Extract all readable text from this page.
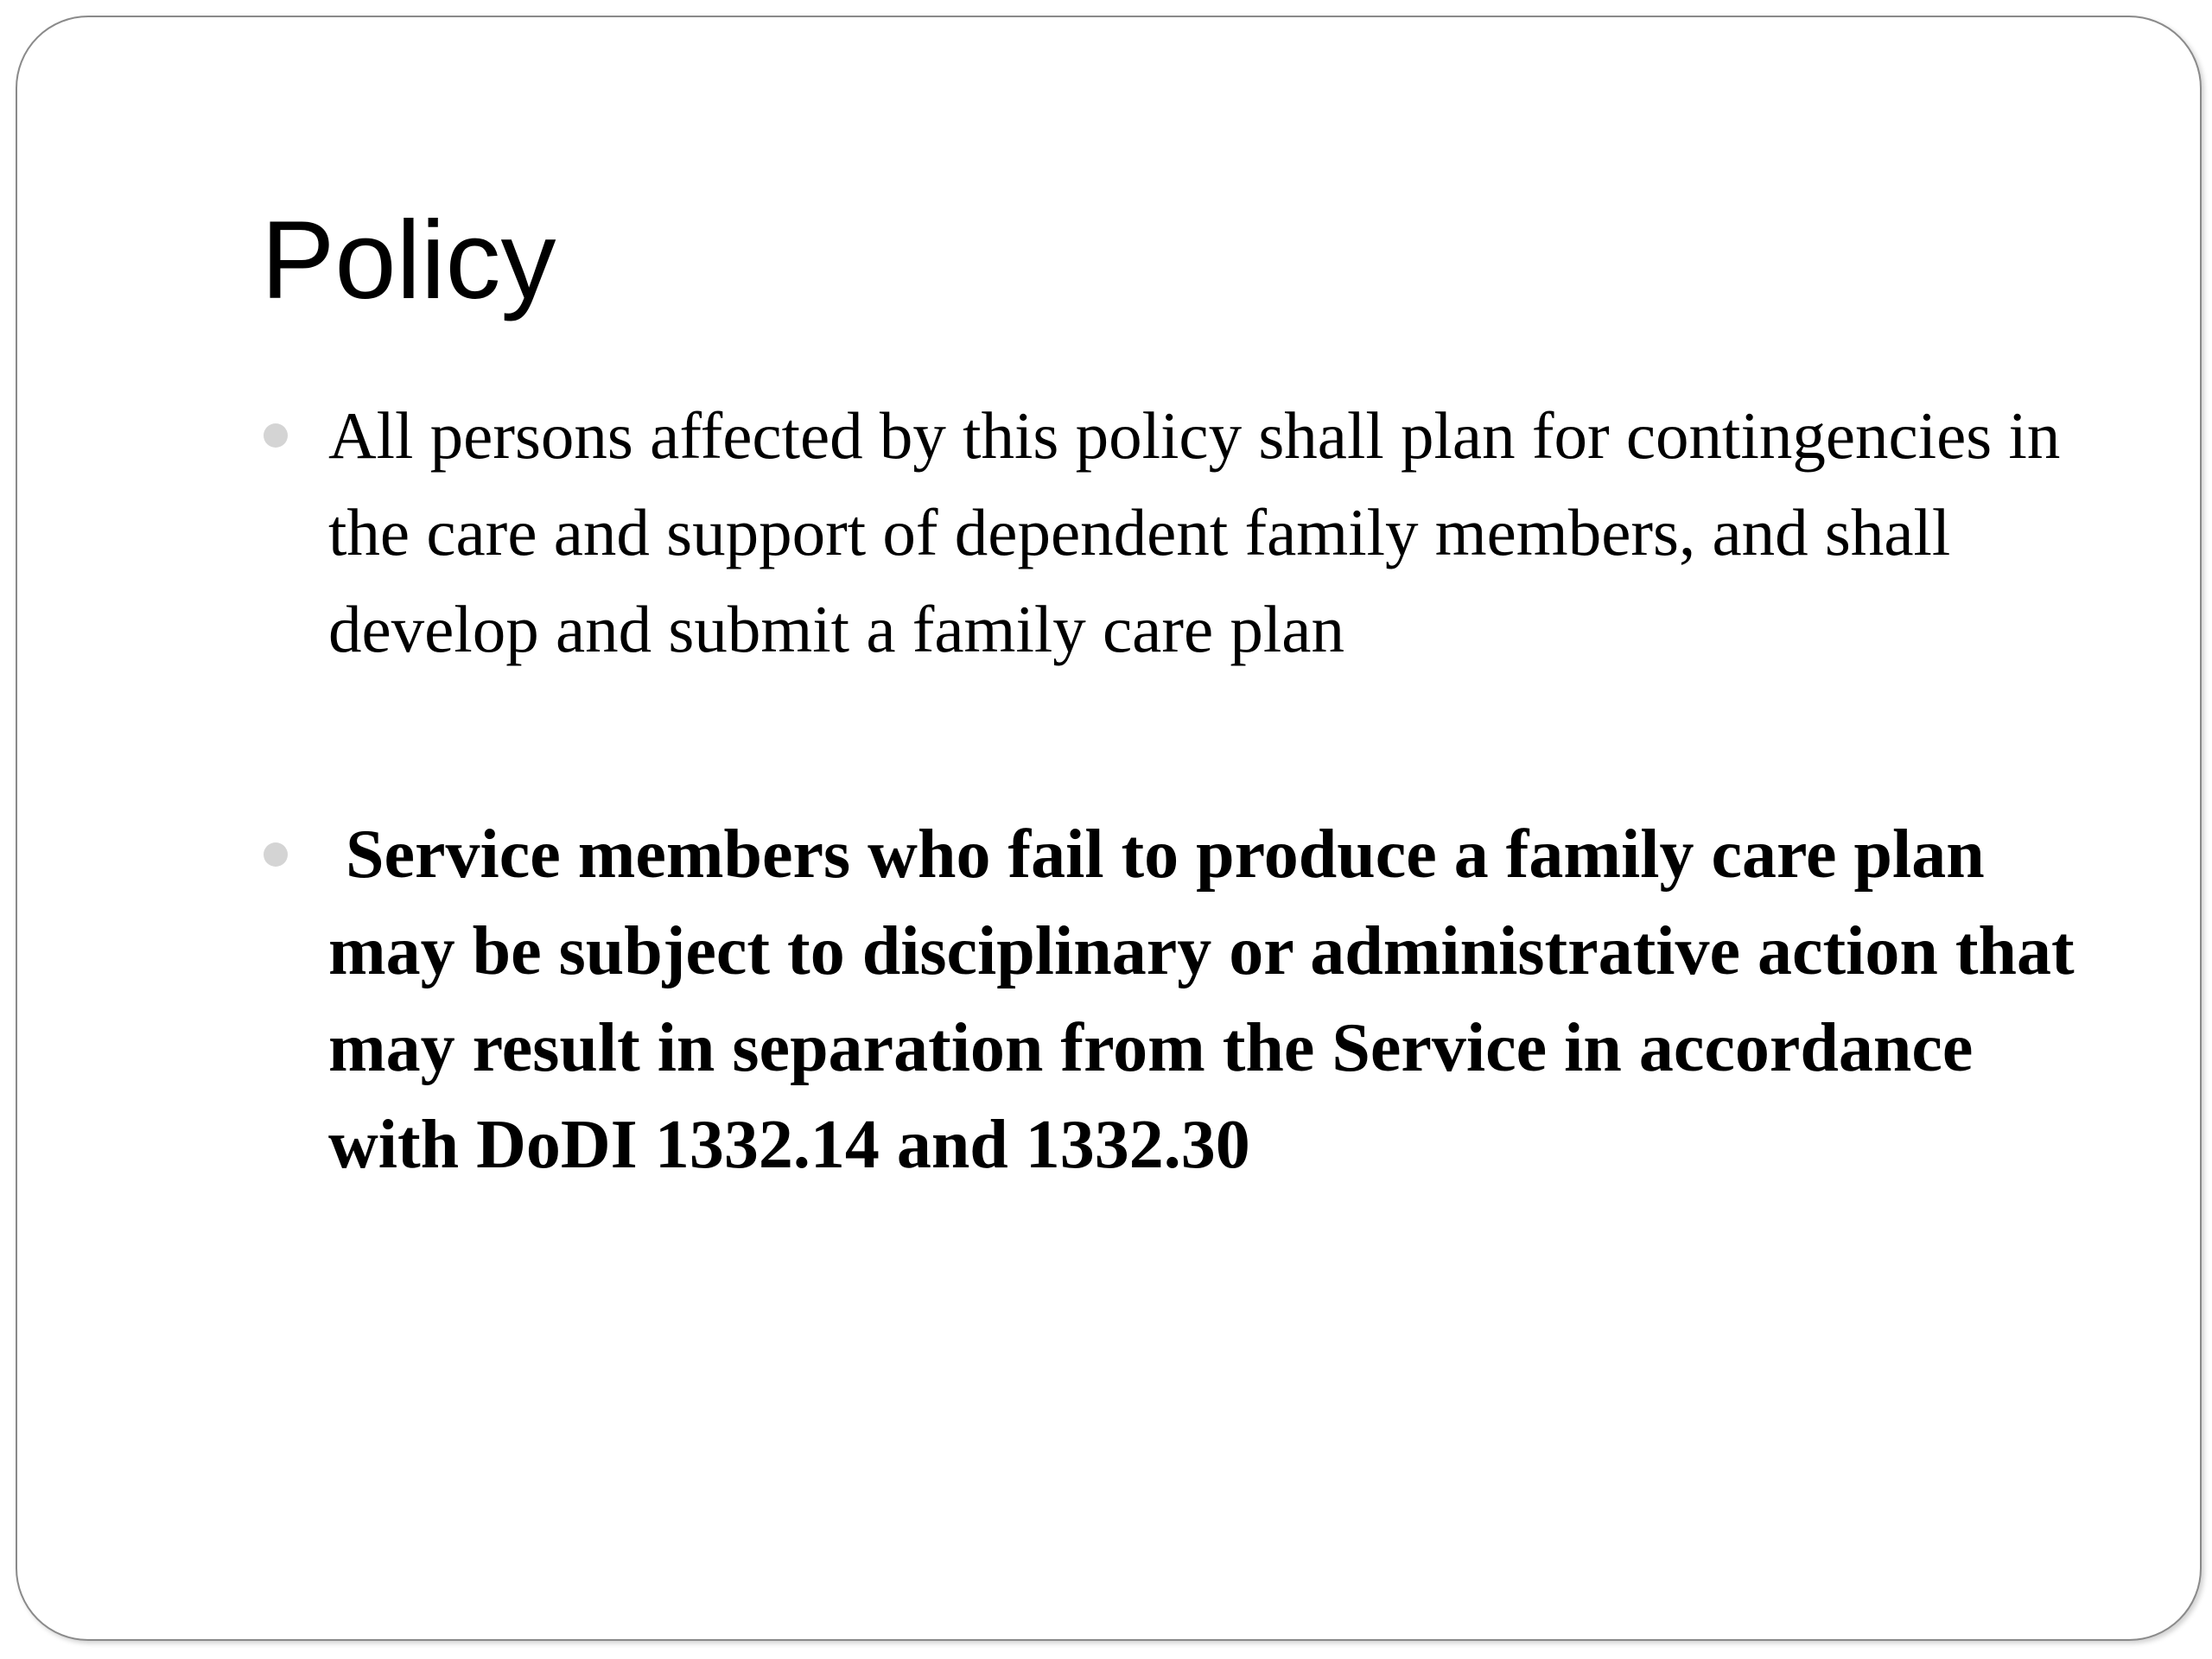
Policy
All persons affected by this policy shall plan for contingencies in the care and support of dependent family members, and shall develop and submit a family care plan
Service members who fail to produce a family care plan may be subject to disciplinary or administrative action that may result in separation from the Service in accordance with DoDI 1332.14 and 1332.30
